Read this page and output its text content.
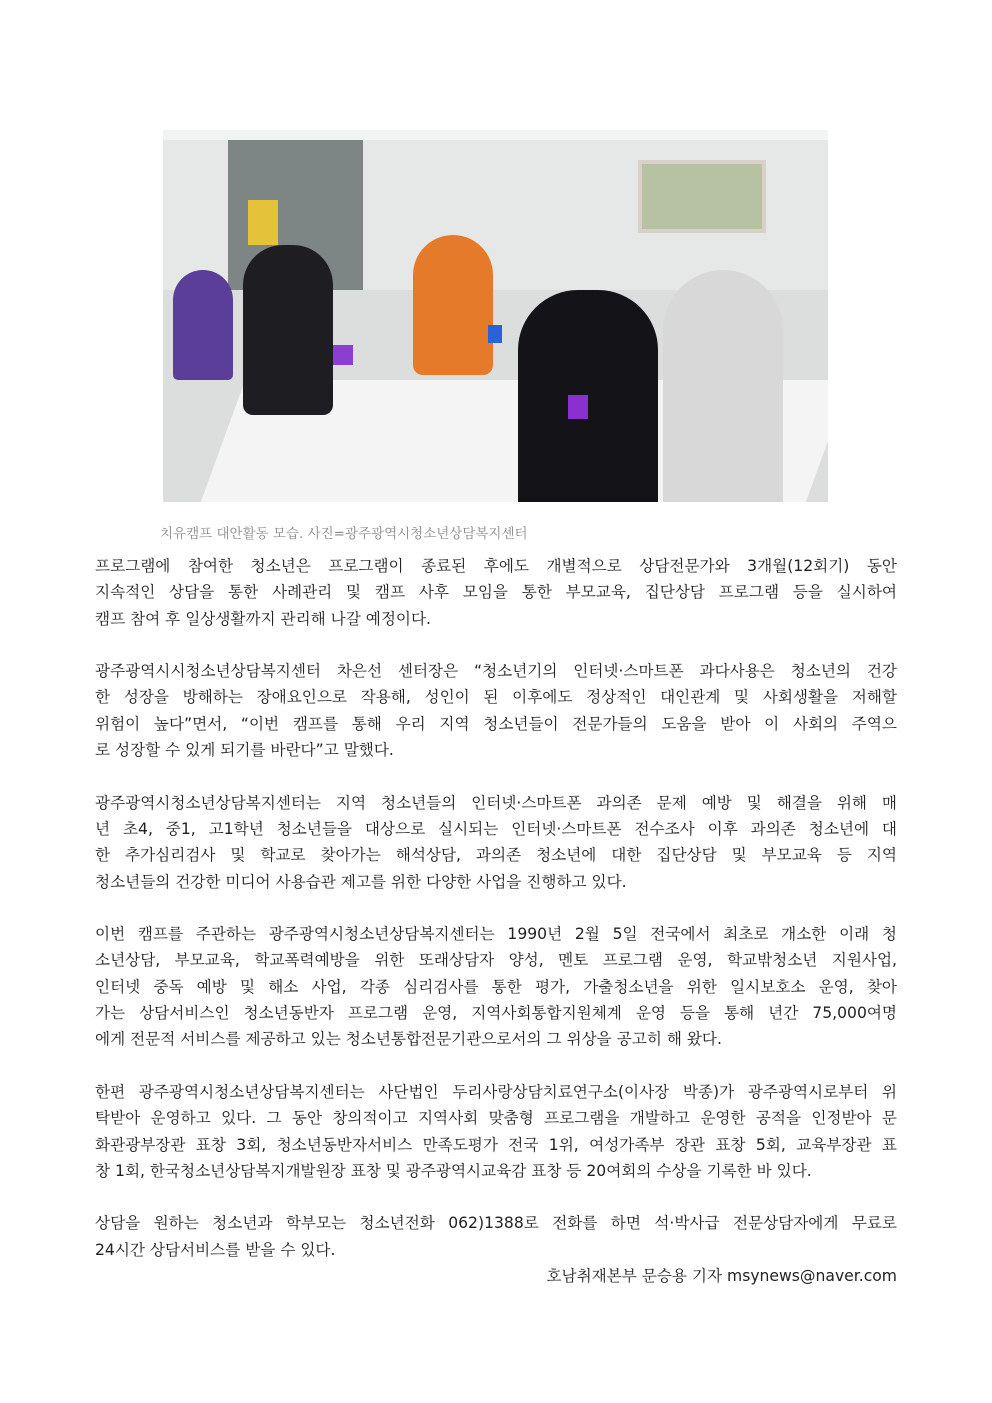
치유캠프 대안활동 모습. 사진=광주광역시청소년상담복지센터
프로그램에 참여한 청소년은 프로그램이 종료된 후에도 개별적으로 상담전문가와 3개월(12회기) 동안
지속적인 상담을 통한 사례관리 및 캠프 사후 모임을 통한 부모교육, 집단상담 프로그램 등을 실시하여
캠프 참여 후 일상생활까지 관리해 나갈 예정이다.
광주광역시시청소년상담복지센터 차은선 센터장은 “청소년기의 인터넷·스마트폰 과다사용은 청소년의 건강
한 성장을 방해하는 장애요인으로 작용해, 성인이 된 이후에도 정상적인 대인관계 및 사회생활을 저해할
위험이 높다”면서, “이번 캠프를 통해 우리 지역 청소년들이 전문가들의 도움을 받아 이 사회의 주역으
로 성장할 수 있게 되기를 바란다”고 말했다.
광주광역시청소년상담복지센터는 지역 청소년들의 인터넷·스마트폰 과의존 문제 예방 및 해결을 위해 매
년 초4, 중1, 고1학년 청소년들을 대상으로 실시되는 인터넷·스마트폰 전수조사 이후 과의존 청소년에 대
한 추가심리검사 및 학교로 찾아가는 해석상담, 과의존 청소년에 대한 집단상담 및 부모교육 등 지역
청소년들의 건강한 미디어 사용습관 제고를 위한 다양한 사업을 진행하고 있다.
이번 캠프를 주관하는 광주광역시청소년상담복지센터는 1990년 2월 5일 전국에서 최초로 개소한 이래 청
소년상담, 부모교육, 학교폭력예방을 위한 또래상담자 양성, 멘토 프로그램 운영, 학교밖청소년 지원사업,
인터넷 중독 예방 및 해소 사업, 각종 심리검사를 통한 평가, 가출청소년을 위한 일시보호소 운영, 찾아
가는 상담서비스인 청소년동반자 프로그램 운영, 지역사회통합지원체계 운영 등을 통해 년간 75,000여명
에게 전문적 서비스를 제공하고 있는 청소년통합전문기관으로서의 그 위상을 공고히 해 왔다.
한편 광주광역시청소년상담복지센터는 사단법인 두리사랑상담치료연구소(이사장 박종)가 광주광역시로부터 위
탁받아 운영하고 있다. 그 동안 창의적이고 지역사회 맞춤형 프로그램을 개발하고 운영한 공적을 인정받아 문
화관광부장관 표창 3회, 청소년동반자서비스 만족도평가 전국 1위, 여성가족부 장관 표창 5회, 교육부장관 표
창 1회, 한국청소년상담복지개발원장 표창 및 광주광역시교육감 표창 등 20여회의 수상을 기록한 바 있다.
상담을 원하는 청소년과 학부모는 청소년전화 062)1388로 전화를 하면 석·박사급 전문상담자에게 무료로
24시간 상담서비스를 받을 수 있다.
호남취재본부 문승용 기자 msynews@naver.com
